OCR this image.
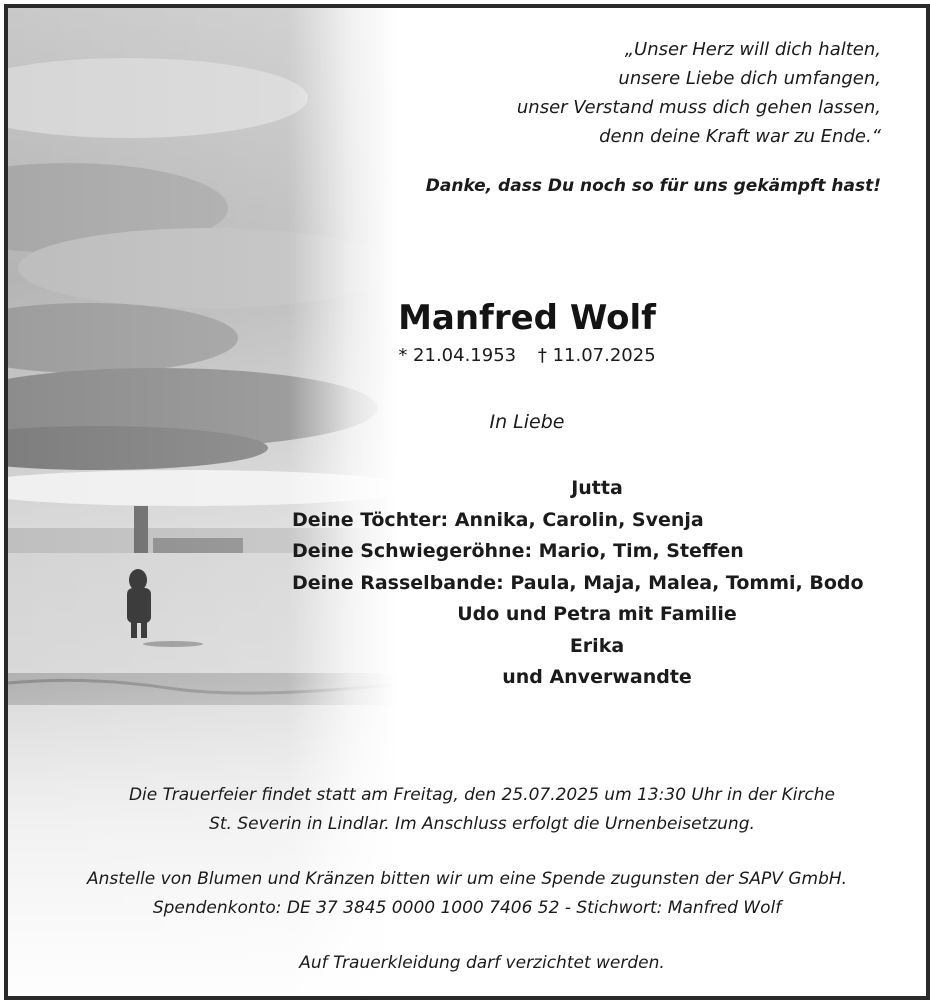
„Unser Herz will dich halten,
unsere Liebe dich umfangen,
unser Verstand muss dich gehen lassen,
denn deine Kraft war zu Ende.“
Danke, dass Du noch so für uns gekämpft hast!
Manfred Wolf
* 21.04.1953 † 11.07.2025
In Liebe
Jutta
Deine Töchter: Annika, Carolin, Svenja
Deine Schwiegeröhne: Mario, Tim, Steffen
Deine Rasselbande: Paula, Maja, Malea, Tommi, Bodo
Udo und Petra mit Familie
Erika
und Anverwandte
Die Trauerfeier findet statt am Freitag, den 25.07.2025 um 13:30 Uhr in der Kirche
St. Severin in Lindlar. Im Anschluss erfolgt die Urnenbeisetzung.
Anstelle von Blumen und Kränzen bitten wir um eine Spende zugunsten der SAPV GmbH.
Spendenkonto: DE 37 3845 0000 1000 7406 52 - Stichwort: Manfred Wolf
Auf Trauerkleidung darf verzichtet werden.
